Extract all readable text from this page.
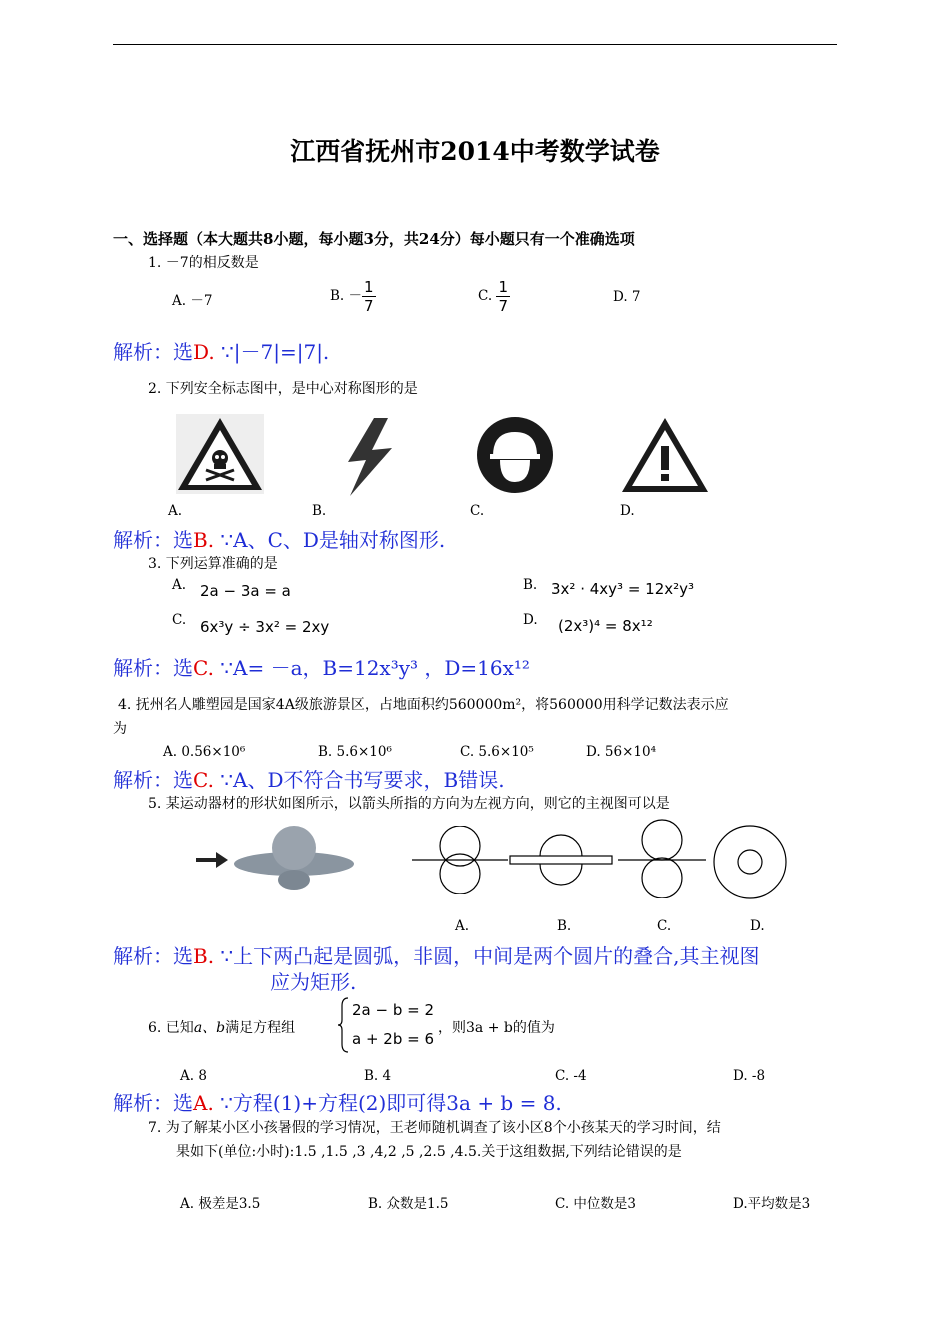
江西省抚州市2014中考数学试卷
一、选择题（本大题共8小题，每小题3分，共24分）每小题只有一个准确选项
1. －7的相反数是
A. －7	B. － $\frac{1}{7}$	C. $\frac{1}{7}$	D. 7
解析：选D. ∵|－7|=|7|.
2. 下列安全标志图中，是中心对称图形的是
A.	B.	C.	D.
解析：选B. ∵A、C、D是轴对称图形.
3. 下列运算准确的是
A. 2a − 3a = a	B. 3x² · 4xy³ = 12x²y³
C. 6x³y ÷ 3x² = 2xy	D. (2x³)⁴ = 8x¹²
解析：选C. ∵A= －a，B=12x³y³ ，D=16x¹²
4. 抚州名人雕塑园是国家4A级旅游景区，占地面积约560000m²，将560000用科学记数法表示应
为
A. 0.56×10⁶	B. 5.6×10⁶	C. 5.6×10⁵	D. 56×10⁴
解析：选C. ∵A、D不符合书写要求，B错误.
5. 某运动器材的形状如图所示，以箭头所指的方向为左视方向，则它的主视图可以是
A.	B.	C.	D.
解析：选B. ∵上下两凸起是圆弧，非圆，中间是两个圆片的叠合,其主视图
应为矩形.
6. 已知a、b满足方程组
2a − b = 2
a + 2b = 6
，则3a + b的值为
A. 8	B. 4	C. -4	D. -8
解析：选A. ∵方程(1)+方程(2)即可得3a + b = 8.
7. 为了解某小区小孩暑假的学习情况，王老师随机调查了该小区8个小孩某天的学习时间，结
果如下(单位:小时):1.5 ,1.5 ,3 ,4,2 ,5 ,2.5 ,4.5.关于这组数据,下列结论错误的是
A. 极差是3.5	B. 众数是1.5	C. 中位数是3	D.平均数是3
